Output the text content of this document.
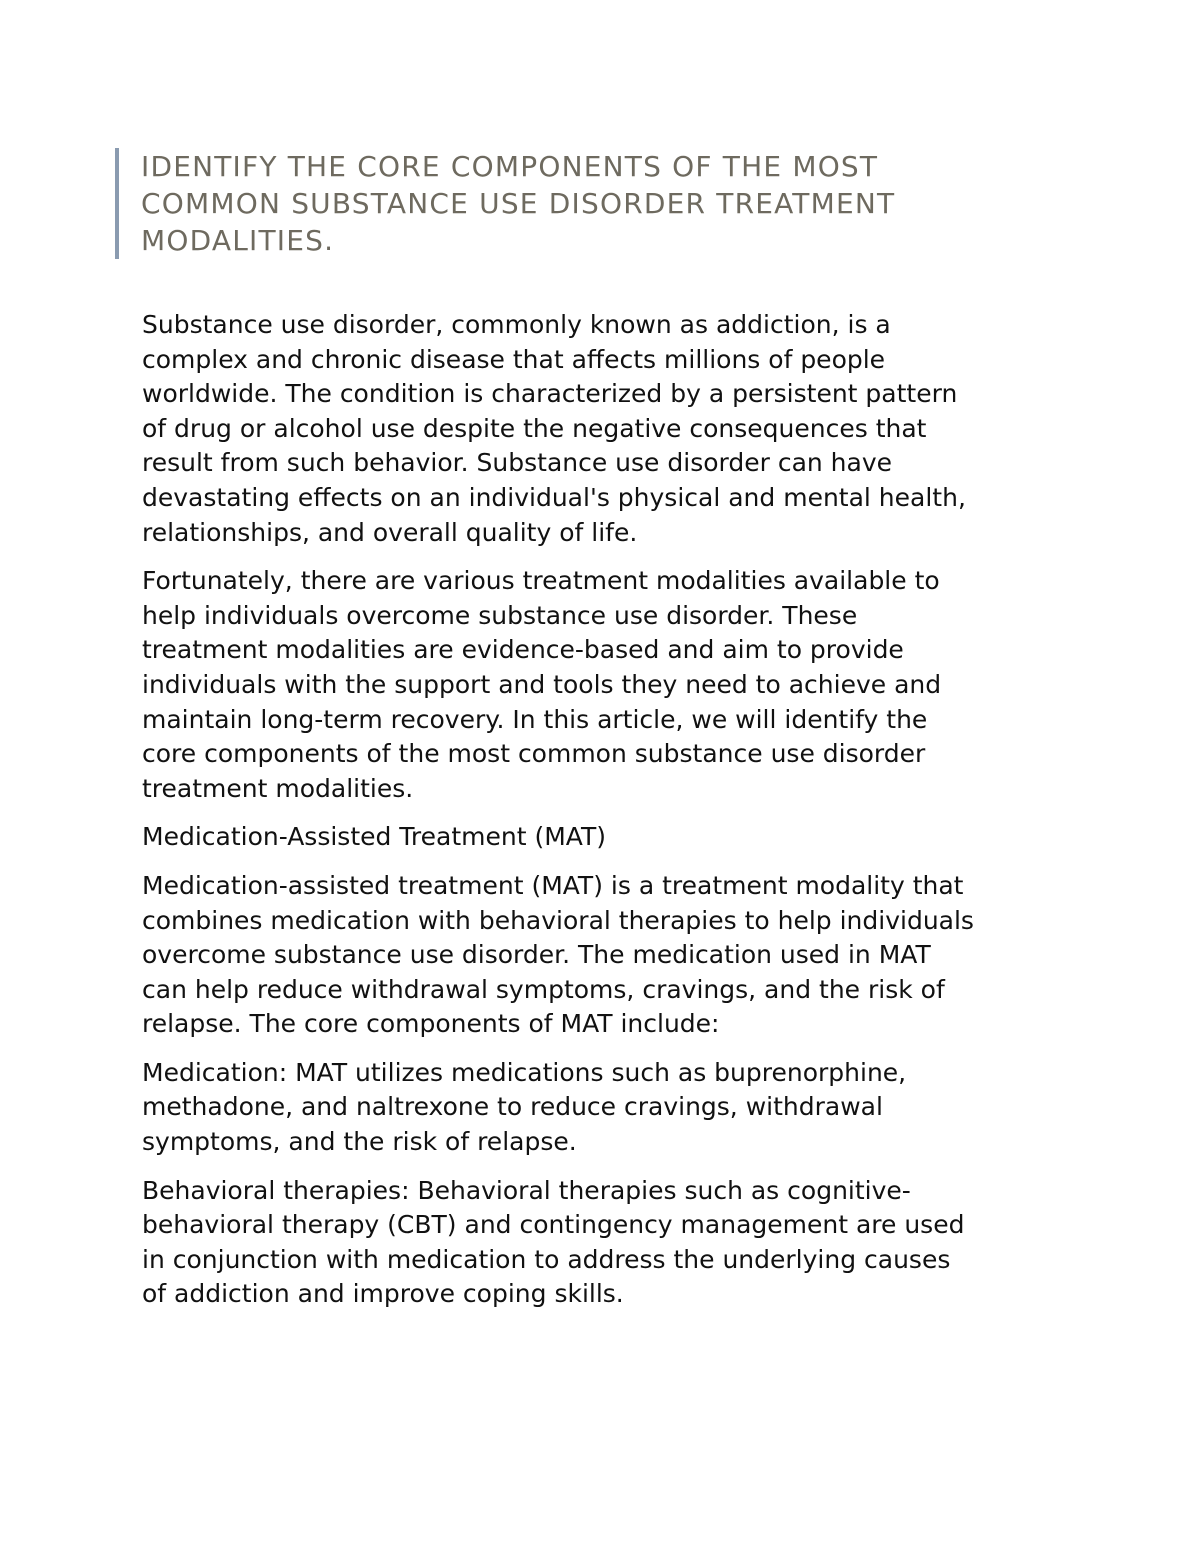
IDENTIFY THE CORE COMPONENTS OF THE MOST
COMMON SUBSTANCE USE DISORDER TREATMENT
MODALITIES.

Substance use disorder, commonly known as addiction, is a
complex and chronic disease that affects millions of people
worldwide. The condition is characterized by a persistent pattern
of drug or alcohol use despite the negative consequences that
result from such behavior. Substance use disorder can have
devastating effects on an individual's physical and mental health,
relationships, and overall quality of life.

Fortunately, there are various treatment modalities available to
help individuals overcome substance use disorder. These
treatment modalities are evidence-based and aim to provide
individuals with the support and tools they need to achieve and
maintain long-term recovery. In this article, we will identify the
core components of the most common substance use disorder
treatment modalities.

Medication-Assisted Treatment (MAT)

Medication-assisted treatment (MAT) is a treatment modality that
combines medication with behavioral therapies to help individuals
overcome substance use disorder. The medication used in MAT
can help reduce withdrawal symptoms, cravings, and the risk of
relapse. The core components of MAT include:

Medication: MAT utilizes medications such as buprenorphine,
methadone, and naltrexone to reduce cravings, withdrawal
symptoms, and the risk of relapse.

Behavioral therapies: Behavioral therapies such as cognitive-
behavioral therapy (CBT) and contingency management are used
in conjunction with medication to address the underlying causes
of addiction and improve coping skills.
